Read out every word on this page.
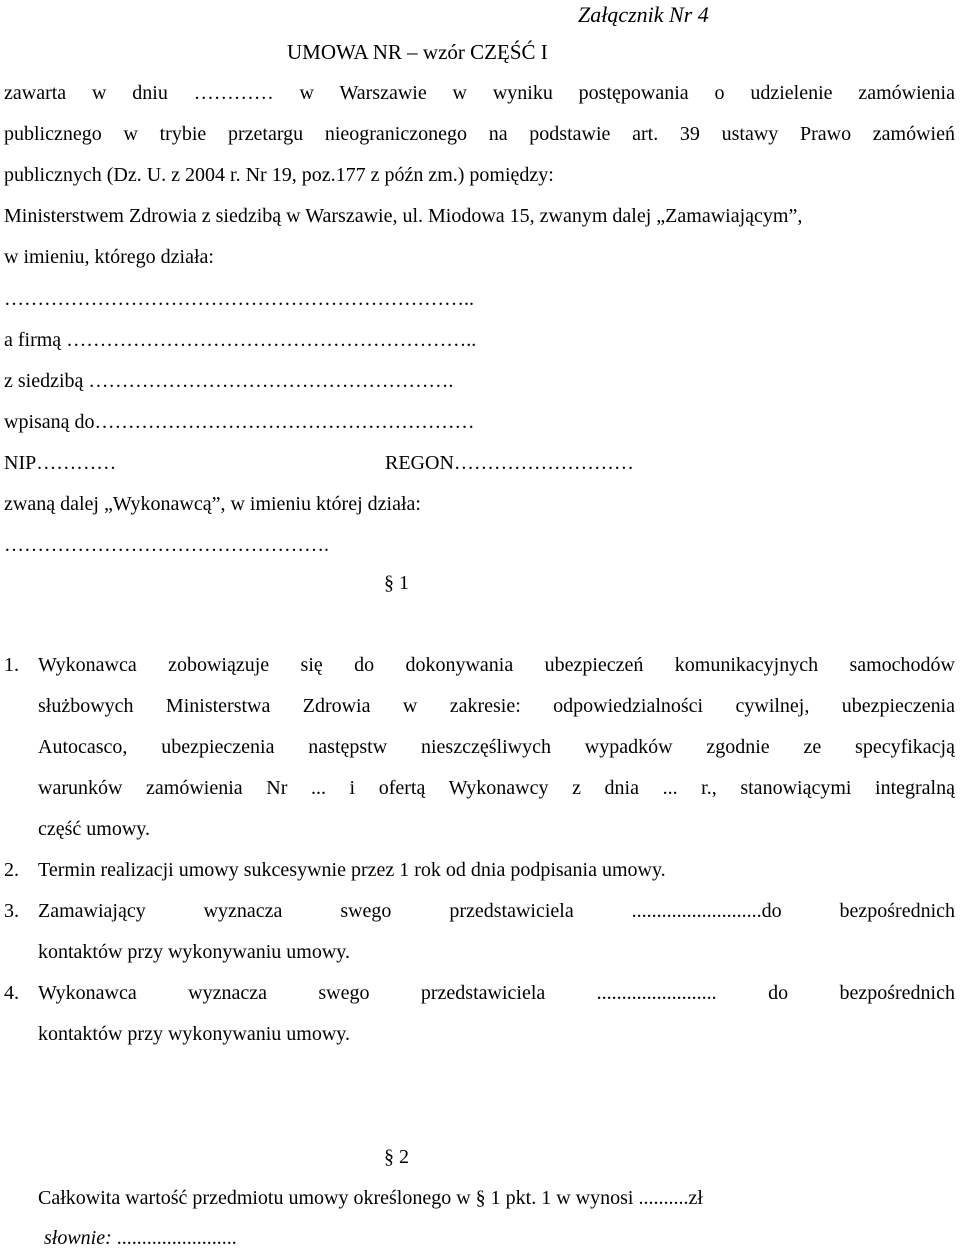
Załącznik Nr 4
UMOWA NR – wzór CZĘŚĆ I
zawarta w dniu ………… w Warszawie w wyniku postępowania o udzielenie zamówienia
publicznego w trybie przetargu nieograniczonego na podstawie art. 39 ustawy Prawo zamówień
publicznych (Dz. U. z 2004 r. Nr 19, poz.177 z późn zm.) pomiędzy:
Ministerstwem Zdrowia z siedzibą w Warszawie, ul. Miodowa 15, zwanym dalej „Zamawiającym”,
w imieniu, którego działa:
……………………………………………………………..
a firmą ……………………………………………………..
z siedzibą ……………………………………………….
wpisaną do…………………………………………………
NIP…………	REGON………………………
zwaną dalej „Wykonawcą”, w imieniu której działa:
………………………………………….
§ 1
1. Wykonawca zobowiązuje się do dokonywania ubezpieczeń komunikacyjnych samochodów
służbowych Ministerstwa Zdrowia w zakresie: odpowiedzialności cywilnej, ubezpieczenia
Autocasco, ubezpieczenia następstw nieszczęśliwych wypadków zgodnie ze specyfikacją
warunków zamówienia Nr ... i ofertą Wykonawcy z dnia ... r., stanowiącymi integralną
część umowy.
2. Termin realizacji umowy sukcesywnie przez 1 rok od dnia podpisania umowy.
3. Zamawiający wyznacza swego przedstawiciela ..........................do bezpośrednich
kontaktów przy wykonywaniu umowy.
4. Wykonawca wyznacza swego przedstawiciela ........................ do bezpośrednich
kontaktów przy wykonywaniu umowy.
§ 2
Całkowita wartość przedmiotu umowy określonego w § 1 pkt. 1 w wynosi ..........zł
słownie: ........................
